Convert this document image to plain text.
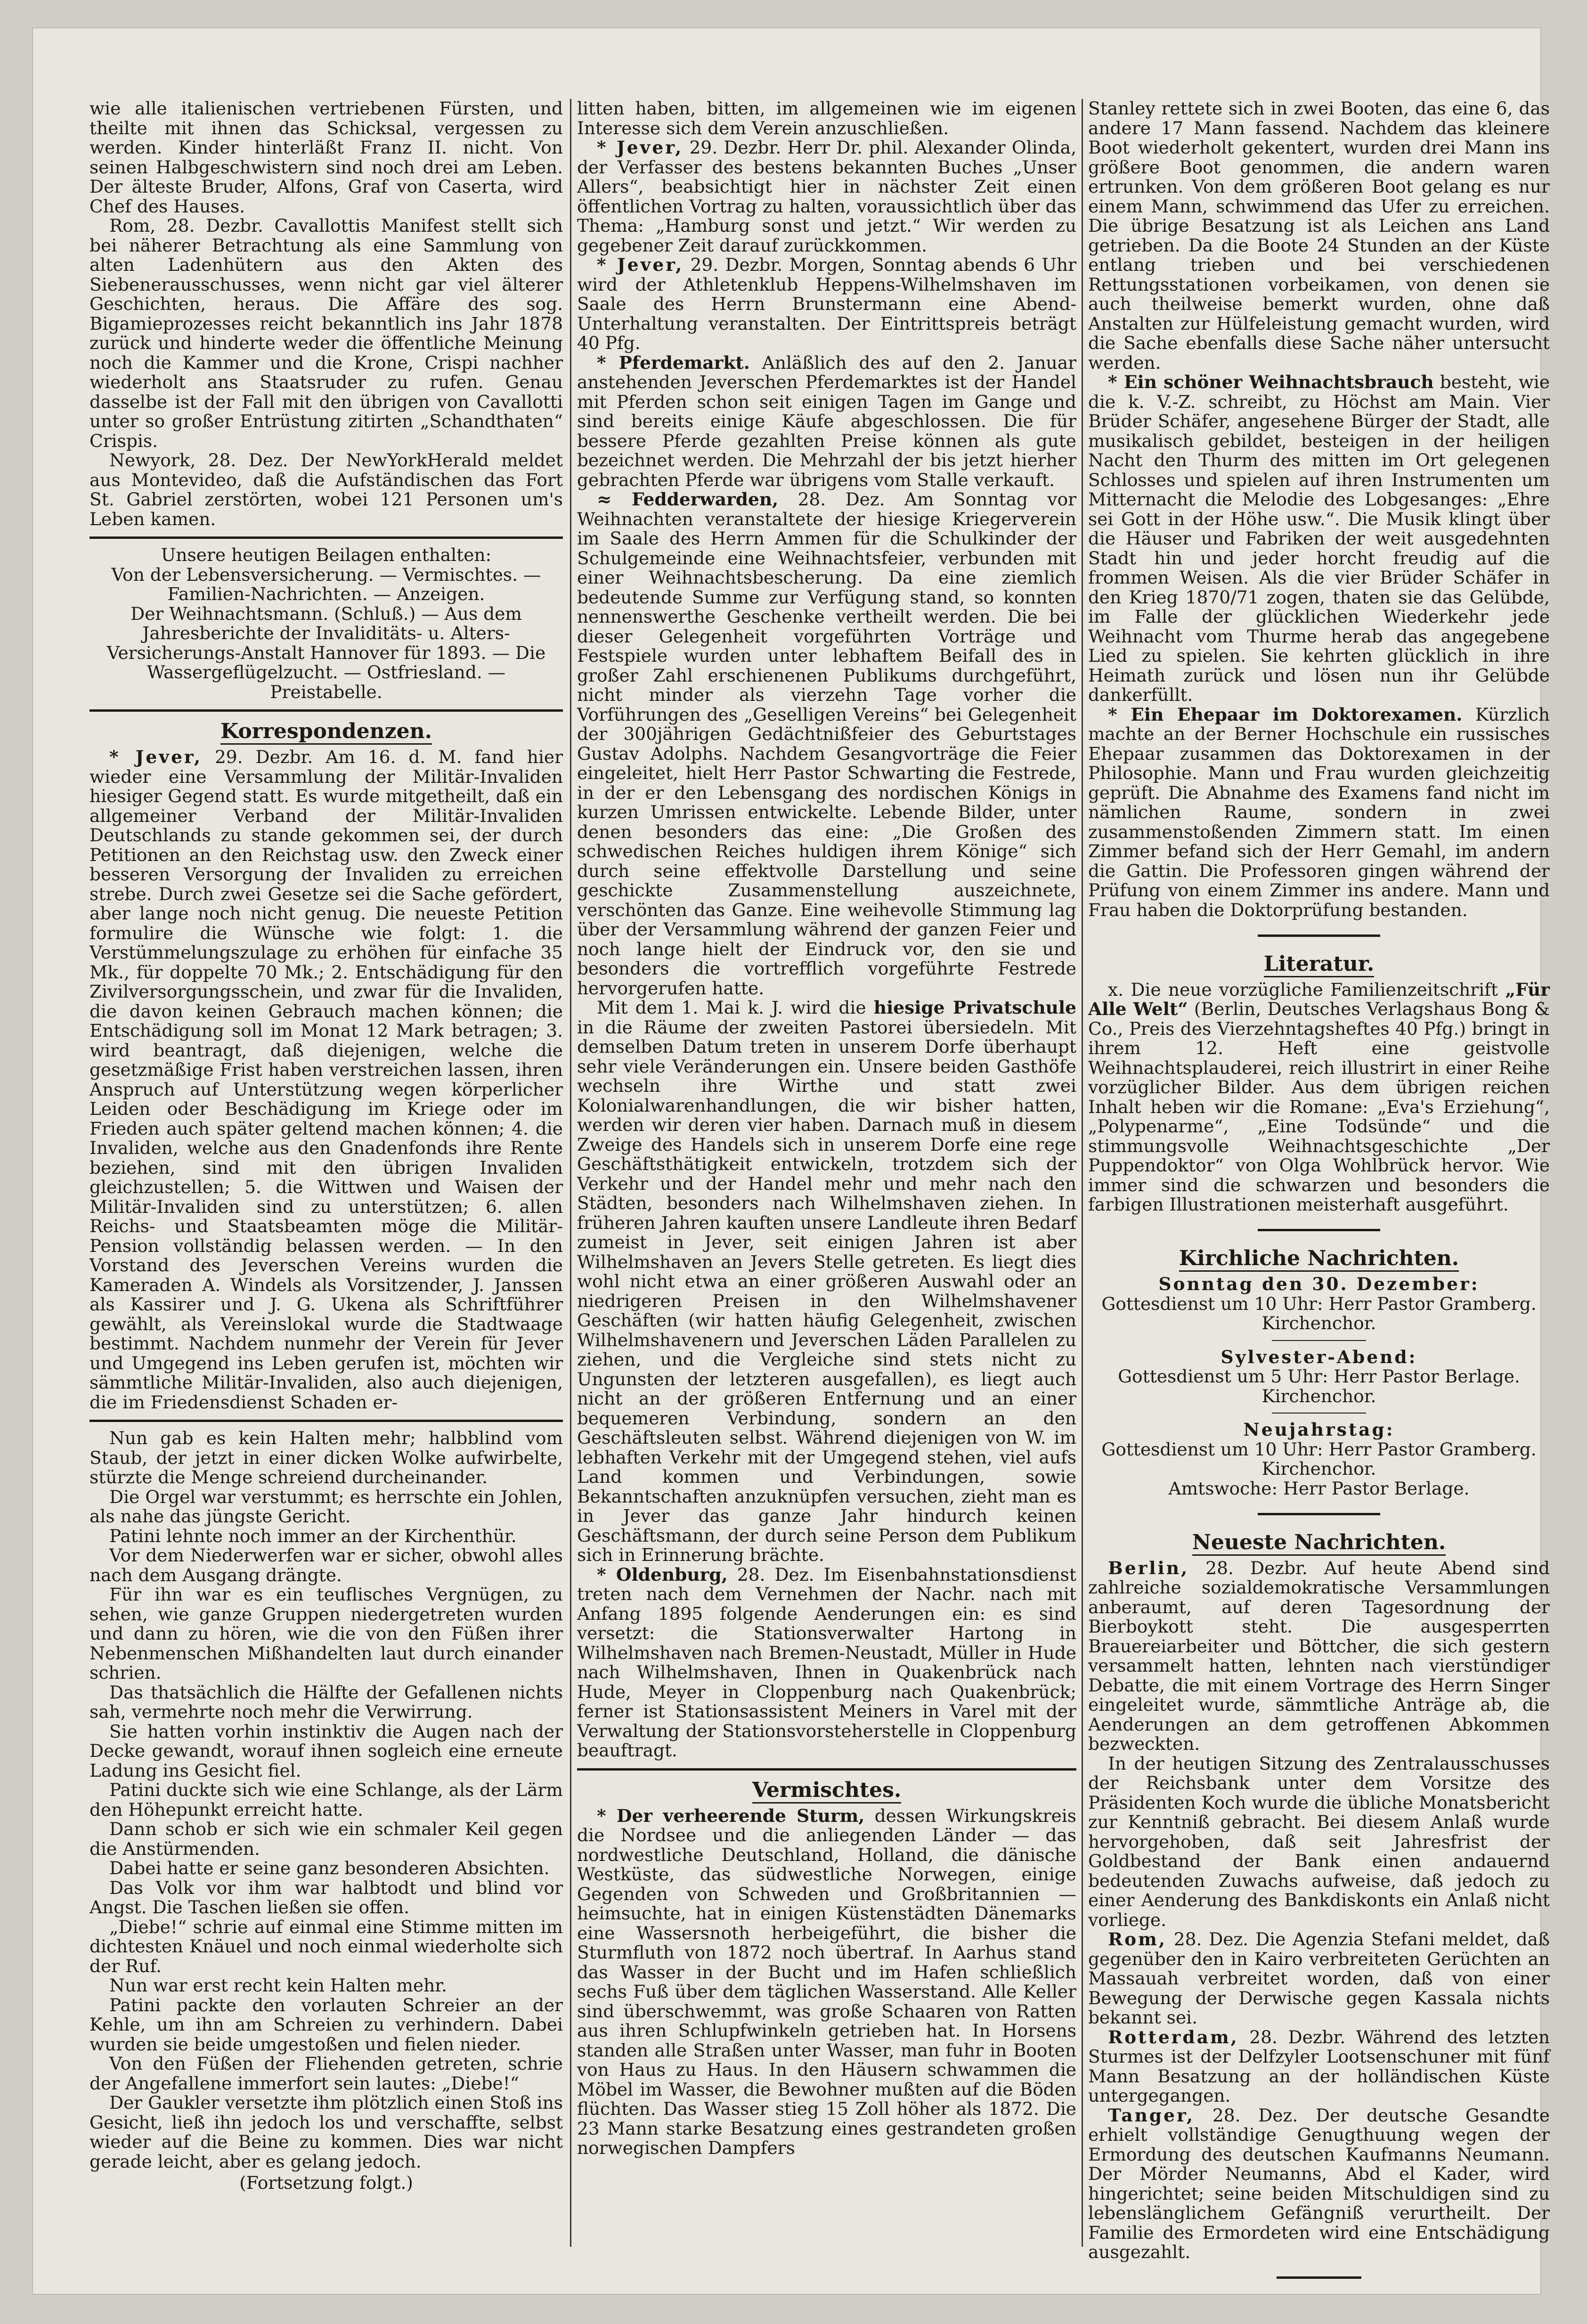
wie alle italienischen vertriebenen Fürsten, und theilte mit ihnen das Schicksal, vergessen zu werden. Kinder hinterläßt Franz II. nicht. Von seinen Halbgeschwistern sind noch drei am Leben. Der älteste Bruder, Alfons, Graf von Caserta, wird Chef des Hauses.

Rom, 28. Dezbr. Cavallottis Manifest stellt sich bei näherer Betrachtung als eine Sammlung von alten Ladenhütern aus den Akten des Siebenerausschusses, wenn nicht gar viel älterer Geschichten, heraus. Die Affäre des sog. Bigamieprozesses reicht bekanntlich ins Jahr 1878 zurück und hinderte weder die öffentliche Meinung noch die Kammer und die Krone, Crispi nachher wiederholt ans Staatsruder zu rufen. Genau dasselbe ist der Fall mit den übrigen von Cavallotti unter so großer Entrüstung zitirten „Schandthaten“ Crispis.

Newyork, 28. Dez. Der NewYorkHerald meldet aus Montevideo, daß die Aufständischen das Fort St. Gabriel zerstörten, wobei 121 Personen um's Leben kamen.

Unsere heutigen Beilagen enthalten:

Von der Lebensversicherung. — Vermischtes. — Familien-Nachrichten. — Anzeigen.

Der Weihnachtsmann. (Schluß.) — Aus dem Jahresberichte der Invaliditäts- u. Alters-Versicherungs-Anstalt Hannover für 1893. — Die Wassergeflügelzucht. — Ostfriesland. — Preistabelle.

Korrespondenzen.

* Jever, 29. Dezbr. Am 16. d. M. fand hier wieder eine Versammlung der Militär-Invaliden hiesiger Gegend statt. Es wurde mitgetheilt, daß ein allgemeiner Verband der Militär-Invaliden Deutschlands zu stande gekommen sei, der durch Petitionen an den Reichstag usw. den Zweck einer besseren Versorgung der Invaliden zu erreichen strebe. Durch zwei Gesetze sei die Sache gefördert, aber lange noch nicht genug. Die neueste Petition formulire die Wünsche wie folgt: 1. die Verstümmelungszulage zu erhöhen für einfache 35 Mk., für doppelte 70 Mk.; 2. Entschädigung für den Zivilversorgungsschein, und zwar für die Invaliden, die davon keinen Gebrauch machen können; die Entschädigung soll im Monat 12 Mark betragen; 3. wird beantragt, daß diejenigen, welche die gesetzmäßige Frist haben verstreichen lassen, ihren Anspruch auf Unterstützung wegen körperlicher Leiden oder Beschädigung im Kriege oder im Frieden auch später geltend machen können; 4. die Invaliden, welche aus den Gnadenfonds ihre Rente beziehen, sind mit den übrigen Invaliden gleichzustellen; 5. die Wittwen und Waisen der Militär-Invaliden sind zu unterstützen; 6. allen Reichs- und Staatsbeamten möge die Militär-Pension vollständig belassen werden. — In den Vorstand des Jeverschen Vereins wurden die Kameraden A. Windels als Vorsitzender, J. Janssen als Kassirer und J. G. Ukena als Schriftführer gewählt, als Vereinslokal wurde die Stadtwaage bestimmt. Nachdem nunmehr der Verein für Jever und Umgegend ins Leben gerufen ist, möchten wir sämmtliche Militär-Invaliden, also auch diejenigen, die im Friedensdienst Schaden er-

Nun gab es kein Halten mehr; halbblind vom Staub, der jetzt in einer dicken Wolke aufwirbelte, stürzte die Menge schreiend durcheinander.

Die Orgel war verstummt; es herrschte ein Johlen, als nahe das jüngste Gericht.

Patini lehnte noch immer an der Kirchenthür.

Vor dem Niederwerfen war er sicher, obwohl alles nach dem Ausgang drängte.

Für ihn war es ein teuflisches Vergnügen, zu sehen, wie ganze Gruppen niedergetreten wurden und dann zu hören, wie die von den Füßen ihrer Nebenmenschen Mißhandelten laut durch einander schrien.

Das thatsächlich die Hälfte der Gefallenen nichts sah, vermehrte noch mehr die Verwirrung.

Sie hatten vorhin instinktiv die Augen nach der Decke gewandt, worauf ihnen sogleich eine erneute Ladung ins Gesicht fiel.

Patini duckte sich wie eine Schlange, als der Lärm den Höhepunkt erreicht hatte.

Dann schob er sich wie ein schmaler Keil gegen die Anstürmenden.

Dabei hatte er seine ganz besonderen Absichten.

Das Volk vor ihm war halbtodt und blind vor Angst. Die Taschen ließen sie offen.

„Diebe!“ schrie auf einmal eine Stimme mitten im dichtesten Knäuel und noch einmal wiederholte sich der Ruf.

Nun war erst recht kein Halten mehr.

Patini packte den vorlauten Schreier an der Kehle, um ihn am Schreien zu verhindern. Dabei wurden sie beide umgestoßen und fielen nieder.

Von den Füßen der Fliehenden getreten, schrie der Angefallene immerfort sein lautes: „Diebe!“

Der Gaukler versetzte ihm plötzlich einen Stoß ins Gesicht, ließ ihn jedoch los und verschaffte, selbst wieder auf die Beine zu kommen. Dies war nicht gerade leicht, aber es gelang jedoch.

(Fortsetzung folgt.)

litten haben, bitten, im allgemeinen wie im eigenen Interesse sich dem Verein anzuschließen.

* Jever, 29. Dezbr. Herr Dr. phil. Alexander Olinda, der Verfasser des bestens bekannten Buches „Unser Allers“, beabsichtigt hier in nächster Zeit einen öffentlichen Vortrag zu halten, voraussichtlich über das Thema: „Hamburg sonst und jetzt.“ Wir werden zu gegebener Zeit darauf zurückkommen.

* Jever, 29. Dezbr. Morgen, Sonntag abends 6 Uhr wird der Athletenklub Heppens-Wilhelmshaven im Saale des Herrn Brunstermann eine Abend-Unterhaltung veranstalten. Der Eintrittspreis beträgt 40 Pfg.

* Pferdemarkt. Anläßlich des auf den 2. Januar anstehenden Jeverschen Pferdemarktes ist der Handel mit Pferden schon seit einigen Tagen im Gange und sind bereits einige Käufe abgeschlossen. Die für bessere Pferde gezahlten Preise können als gute bezeichnet werden. Die Mehrzahl der bis jetzt hierher gebrachten Pferde war übrigens vom Stalle verkauft.

≈ Fedderwarden, 28. Dez. Am Sonntag vor Weihnachten veranstaltete der hiesige Kriegerverein im Saale des Herrn Ammen für die Schulkinder der Schulgemeinde eine Weihnachtsfeier, verbunden mit einer Weihnachtsbescherung. Da eine ziemlich bedeutende Summe zur Verfügung stand, so konnten nennenswerthe Geschenke vertheilt werden. Die bei dieser Gelegenheit vorgeführten Vorträge und Festspiele wurden unter lebhaftem Beifall des in großer Zahl erschienenen Publikums durchgeführt, nicht minder als vierzehn Tage vorher die Vorführungen des „Geselligen Vereins“ bei Gelegenheit der 300jährigen Gedächtnißfeier des Geburtstages Gustav Adolphs. Nachdem Gesangvorträge die Feier eingeleitet, hielt Herr Pastor Schwarting die Festrede, in der er den Lebensgang des nordischen Königs in kurzen Umrissen entwickelte. Lebende Bilder, unter denen besonders das eine: „Die Großen des schwedischen Reiches huldigen ihrem Könige“ sich durch seine effektvolle Darstellung und seine geschickte Zusammenstellung auszeichnete, verschönten das Ganze. Eine weihevolle Stimmung lag über der Versammlung während der ganzen Feier und noch lange hielt der Eindruck vor, den sie und besonders die vortrefflich vorgeführte Festrede hervorgerufen hatte.

Mit dem 1. Mai k. J. wird die hiesige Privatschule in die Räume der zweiten Pastorei übersiedeln. Mit demselben Datum treten in unserem Dorfe überhaupt sehr viele Veränderungen ein. Unsere beiden Gasthöfe wechseln ihre Wirthe und statt zwei Kolonialwarenhandlungen, die wir bisher hatten, werden wir deren vier haben. Darnach muß in diesem Zweige des Handels sich in unserem Dorfe eine rege Geschäftsthätigkeit entwickeln, trotzdem sich der Verkehr und der Handel mehr und mehr nach den Städten, besonders nach Wilhelmshaven ziehen. In früheren Jahren kauften unsere Landleute ihren Bedarf zumeist in Jever, seit einigen Jahren ist aber Wilhelmshaven an Jevers Stelle getreten. Es liegt dies wohl nicht etwa an einer größeren Auswahl oder an niedrigeren Preisen in den Wilhelmshavener Geschäften (wir hatten häufig Gelegenheit, zwischen Wilhelmshavenern und Jeverschen Läden Parallelen zu ziehen, und die Vergleiche sind stets nicht zu Ungunsten der letzteren ausgefallen), es liegt auch nicht an der größeren Entfernung und an einer bequemeren Verbindung, sondern an den Geschäftsleuten selbst. Während diejenigen von W. im lebhaften Verkehr mit der Umgegend stehen, viel aufs Land kommen und Verbindungen, sowie Bekanntschaften anzuknüpfen versuchen, zieht man es in Jever das ganze Jahr hindurch keinen Geschäftsmann, der durch seine Person dem Publikum sich in Erinnerung brächte.

* Oldenburg, 28. Dez. Im Eisenbahnstationsdienst treten nach dem Vernehmen der Nachr. nach mit Anfang 1895 folgende Aenderungen ein: es sind versetzt: die Stationsverwalter Hartong in Wilhelmshaven nach Bremen-Neustadt, Müller in Hude nach Wilhelmshaven, Ihnen in Quakenbrück nach Hude, Meyer in Cloppenburg nach Quakenbrück; ferner ist Stationsassistent Meiners in Varel mit der Verwaltung der Stationsvorsteherstelle in Cloppenburg beauftragt.

Vermischtes.

* Der verheerende Sturm, dessen Wirkungskreis die Nordsee und die anliegenden Länder — das nordwestliche Deutschland, Holland, die dänische Westküste, das südwestliche Norwegen, einige Gegenden von Schweden und Großbritannien — heimsuchte, hat in einigen Küstenstädten Dänemarks eine Wassersnoth herbeigeführt, die bisher die Sturmfluth von 1872 noch übertraf. In Aarhus stand das Wasser in der Bucht und im Hafen schließlich sechs Fuß über dem täglichen Wasserstand. Alle Keller sind überschwemmt, was große Schaaren von Ratten aus ihren Schlupfwinkeln getrieben hat. In Horsens standen alle Straßen unter Wasser, man fuhr in Booten von Haus zu Haus. In den Häusern schwammen die Möbel im Wasser, die Bewohner mußten auf die Böden flüchten. Das Wasser stieg 15 Zoll höher als 1872. Die 23 Mann starke Besatzung eines gestrandeten großen norwegischen Dampfers

Stanley rettete sich in zwei Booten, das eine 6, das andere 17 Mann fassend. Nachdem das kleinere Boot wiederholt gekentert, wurden drei Mann ins größere Boot genommen, die andern waren ertrunken. Von dem größeren Boot gelang es nur einem Mann, schwimmend das Ufer zu erreichen. Die übrige Besatzung ist als Leichen ans Land getrieben. Da die Boote 24 Stunden an der Küste entlang trieben und bei verschiedenen Rettungsstationen vorbeikamen, von denen sie auch theilweise bemerkt wurden, ohne daß Anstalten zur Hülfeleistung gemacht wurden, wird die Sache ebenfalls diese Sache näher untersucht werden.

* Ein schöner Weihnachtsbrauch besteht, wie die k. V.-Z. schreibt, zu Höchst am Main. Vier Brüder Schäfer, angesehene Bürger der Stadt, alle musikalisch gebildet, besteigen in der heiligen Nacht den Thurm des mitten im Ort gelegenen Schlosses und spielen auf ihren Instrumenten um Mitternacht die Melodie des Lobgesanges: „Ehre sei Gott in der Höhe usw.“. Die Musik klingt über die Häuser und Fabriken der weit ausgedehnten Stadt hin und jeder horcht freudig auf die frommen Weisen. Als die vier Brüder Schäfer in den Krieg 1870/71 zogen, thaten sie das Gelübde, im Falle der glücklichen Wiederkehr jede Weihnacht vom Thurme herab das angegebene Lied zu spielen. Sie kehrten glücklich in ihre Heimath zurück und lösen nun ihr Gelübde dankerfüllt.

* Ein Ehepaar im Doktorexamen. Kürzlich machte an der Berner Hochschule ein russisches Ehepaar zusammen das Doktorexamen in der Philosophie. Mann und Frau wurden gleichzeitig geprüft. Die Abnahme des Examens fand nicht im nämlichen Raume, sondern in zwei zusammenstoßenden Zimmern statt. Im einen Zimmer befand sich der Herr Gemahl, im andern die Gattin. Die Professoren gingen während der Prüfung von einem Zimmer ins andere. Mann und Frau haben die Doktorprüfung bestanden.

Literatur.

x. Die neue vorzügliche Familienzeitschrift „Für Alle Welt“ (Berlin, Deutsches Verlagshaus Bong & Co., Preis des Vierzehntagsheftes 40 Pfg.) bringt in ihrem 12. Heft eine geistvolle Weihnachtsplauderei, reich illustrirt in einer Reihe vorzüglicher Bilder. Aus dem übrigen reichen Inhalt heben wir die Romane: „Eva's Erziehung“, „Polypenarme“, „Eine Todsünde“ und die stimmungsvolle Weihnachtsgeschichte „Der Puppendoktor“ von Olga Wohlbrück hervor. Wie immer sind die schwarzen und besonders die farbigen Illustrationen meisterhaft ausgeführt.

Kirchliche Nachrichten.

Sonntag den 30. Dezember:

Gottesdienst um 10 Uhr: Herr Pastor Gramberg.

Kirchenchor.

Sylvester-Abend:

Gottesdienst um 5 Uhr: Herr Pastor Berlage.

Kirchenchor.

Neujahrstag:

Gottesdienst um 10 Uhr: Herr Pastor Gramberg.

Kirchenchor.

Amtswoche: Herr Pastor Berlage.

Neueste Nachrichten.

Berlin, 28. Dezbr. Auf heute Abend sind zahlreiche sozialdemokratische Versammlungen anberaumt, auf deren Tagesordnung der Bierboykott steht. Die ausgesperrten Brauereiarbeiter und Böttcher, die sich gestern versammelt hatten, lehnten nach vierstündiger Debatte, die mit einem Vortrage des Herrn Singer eingeleitet wurde, sämmtliche Anträge ab, die Aenderungen an dem getroffenen Abkommen bezweckten.

In der heutigen Sitzung des Zentralausschusses der Reichsbank unter dem Vorsitze des Präsidenten Koch wurde die übliche Monatsbericht zur Kenntniß gebracht. Bei diesem Anlaß wurde hervorgehoben, daß seit Jahresfrist der Goldbestand der Bank einen andauernd bedeutenden Zuwachs aufweise, daß jedoch zu einer Aenderung des Bankdiskonts ein Anlaß nicht vorliege.

Rom, 28. Dez. Die Agenzia Stefani meldet, daß gegenüber den in Kairo verbreiteten Gerüchten an Massauah verbreitet worden, daß von einer Bewegung der Derwische gegen Kassala nichts bekannt sei.

Rotterdam, 28. Dezbr. Während des letzten Sturmes ist der Delfzyler Lootsenschuner mit fünf Mann Besatzung an der holländischen Küste untergegangen.

Tanger, 28. Dez. Der deutsche Gesandte erhielt vollständige Genugthuung wegen der Ermordung des deutschen Kaufmanns Neumann. Der Mörder Neumanns, Abd el Kader, wird hingerichtet; seine beiden Mitschuldigen sind zu lebenslänglichem Gefängniß verurtheilt. Der Familie des Ermordeten wird eine Entschädigung ausgezahlt.
